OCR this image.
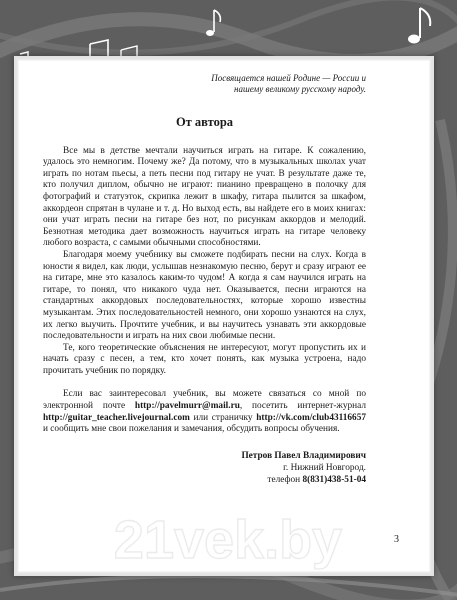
21vek.by

Посвящается нашей Родине — России и
нашему великому русскому народу.

От автора

Все мы в детстве мечтали научиться играть на гитаре. К сожалению, удалось это немногим. Почему же? Да потому, что в музыкальных школах учат играть по нотам пьесы, а петь песни под гитару не учат. В результате даже те, кто получил диплом, обычно не играют: пианино превращено в полочку для фотографий и статуэток, скрипка лежит в шкафу, гитара пылится за шкафом, аккордеон спрятан в чулане и т. д. Но выход есть, вы найдете его в моих книгах: они учат играть песни на гитаре без нот, по рисункам аккордов и мелодий. Безнотная методика дает возможность научиться играть на гитаре человеку любого возраста, с самыми обычными способностями.

Благодаря моему учебнику вы сможете подбирать песни на слух. Когда в юности я видел, как люди, услышав незнакомую песню, берут и сразу играют ее на гитаре, мне это казалось каким-то чудом! А когда я сам научился играть на гитаре, то понял, что никакого чуда нет. Оказывается, песни играются на стандартных аккордовых последовательностях, которые хорошо известны музыкантам. Этих последовательностей немного, они хорошо узнаются на слух, их легко выучить. Прочтите учебник, и вы научитесь узнавать эти аккордовые последовательности и играть на них свои любимые песни.

Те, кого теоретические объяснения не интересуют, могут пропустить их и начать сразу с песен, а тем, кто хочет понять, как музыка устроена, надо прочитать учебник по порядку.

Если вас заинтересовал учебник, вы можете связаться со мной по электронной почте http://pavelmurr@mail.ru, посетить интернет-журнал http://guitar_teacher.livejournal.com или страничку http://vk.com/club43116657 и сообщить мне свои пожелания и замечания, обсудить вопросы обучения.

Петров Павел Владимирович
г. Нижний Новгород.
телефон 8(831)438-51-04
3
